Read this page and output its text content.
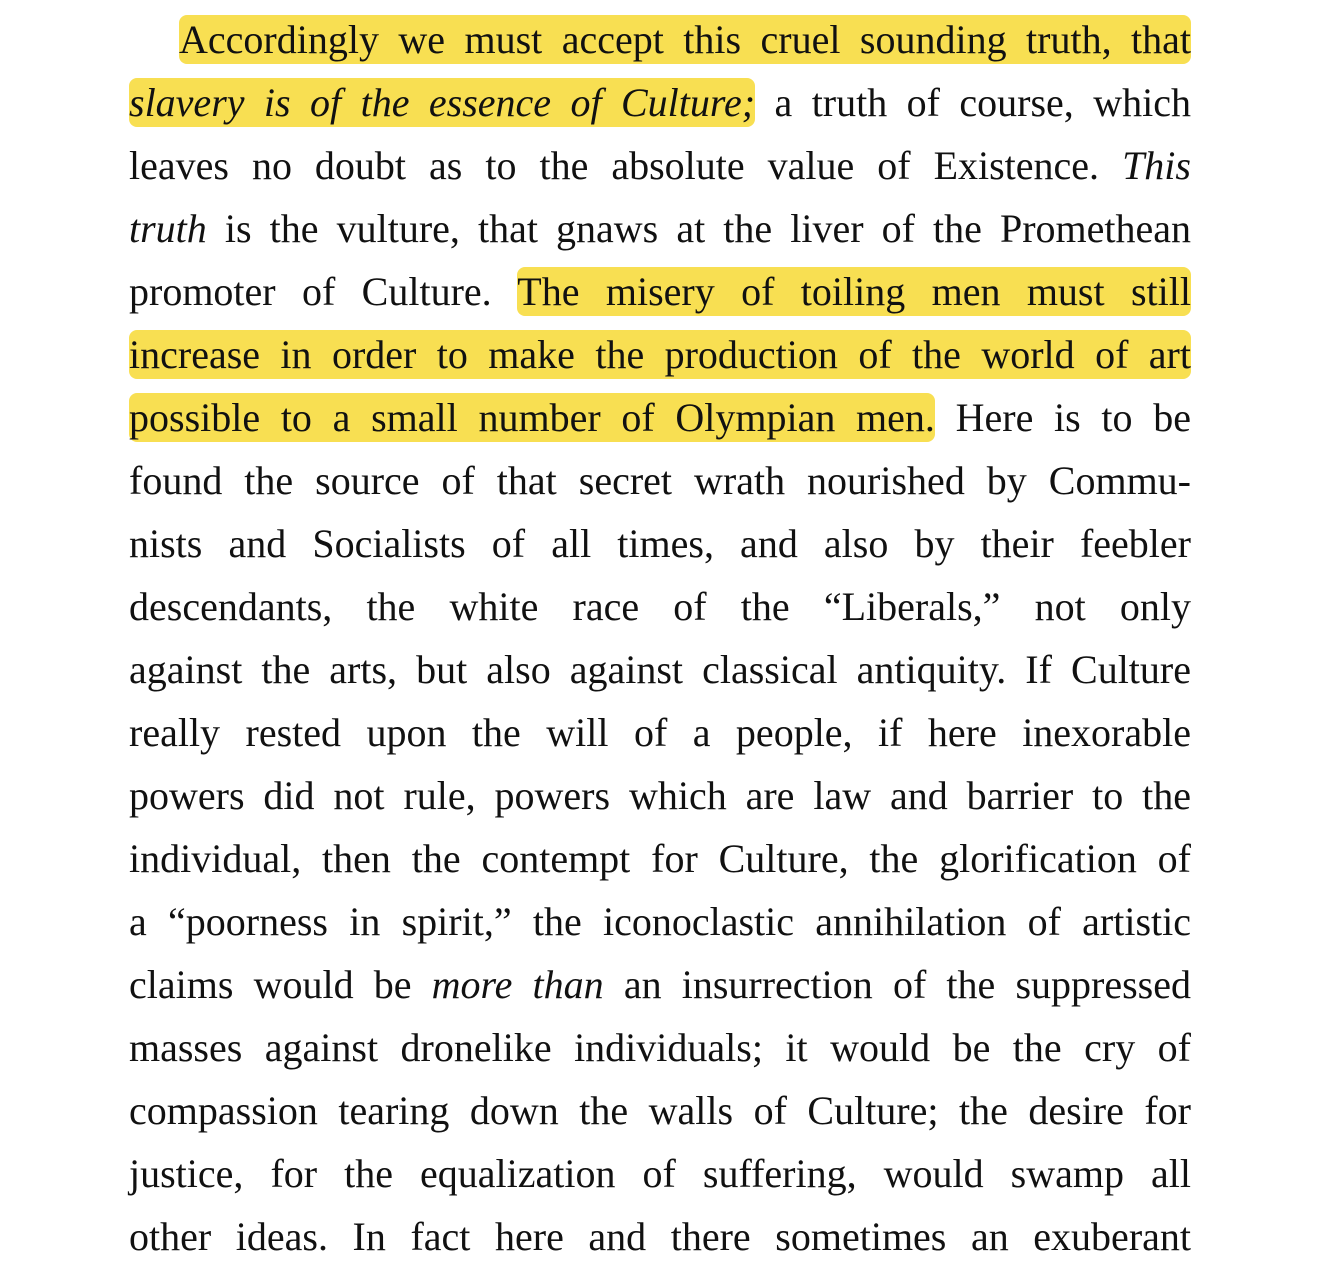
Accordingly we must accept this cruel sounding truth, that
slavery is of the essence of Culture; a truth of course, which
leaves no doubt as to the absolute value of Existence. This
truth is the vulture, that gnaws at the liver of the Promethean
promoter of Culture. The misery of toiling men must still
increase in order to make the production of the world of art
possible to a small number of Olympian men. Here is to be
found the source of that secret wrath nourished by Commu-
nists and Socialists of all times, and also by their feebler
descendants, the white race of the “Liberals,” not only
against the arts, but also against classical antiquity. If Culture
really rested upon the will of a people, if here inexorable
powers did not rule, powers which are law and barrier to the
individual, then the contempt for Culture, the glorification of
a “poorness in spirit,” the iconoclastic annihilation of artistic
claims would be more than an insurrection of the suppressed
masses against dronelike individuals; it would be the cry of
compassion tearing down the walls of Culture; the desire for
justice, for the equalization of suffering, would swamp all
other ideas. In fact here and there sometimes an exuberant
